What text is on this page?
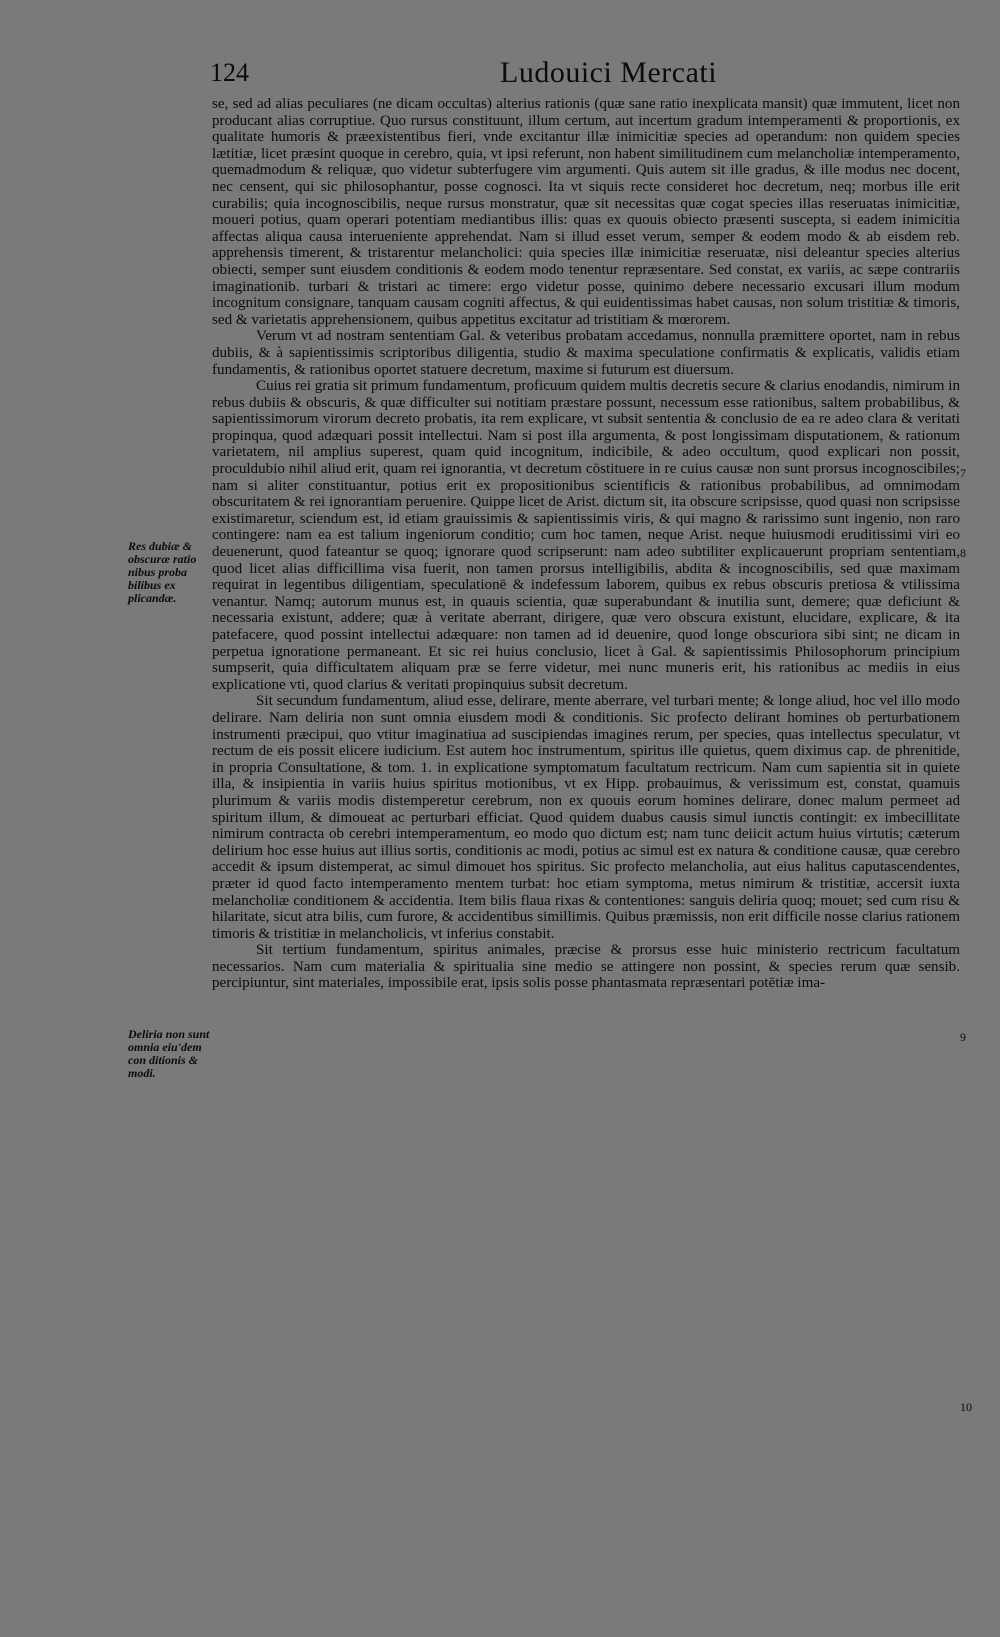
124	Ludouici Mercati

se, sed ad alias peculiares (ne dicam occultas) alterius rationis (quæ sane ratio inexplicata mansit) quæ immutent, licet non producant alias corruptiue. Quo rursus constituunt, illum certum, aut incertum gradum intemperamenti & proportionis, ex qualitate humoris & præexistentibus fieri, vnde excitantur illæ inimicitiæ species ad operandum: non quidem species lætitiæ, licet præsint quoque in cerebro, quia, vt ipsi referunt, non habent similitudinem cum melancholiæ intemperamento, quemadmodum & reliquæ, quo videtur subterfugere vim argumenti. Quis autem sit ille gradus, & ille modus nec docent, nec censent, qui sic philosophantur, posse cognosci. Ita vt siquis recte consideret hoc decretum, neq; morbus ille erit curabilis; quia incognoscibilis, neque rursus monstratur, quæ sit necessitas quæ cogat species illas reseruatas inimicitiæ, moueri potius, quam operari potentiam mediantibus illis: quas ex quouis obiecto præsenti suscepta, si eadem inimicitia affectas aliqua causa interueniente apprehendat. Nam si illud esset verum, semper & eodem modo & ab eisdem reb. apprehensis timerent, & tristarentur melancholici: quia species illæ inimicitiæ reseruatæ, nisi deleantur species alterius obiecti, semper sunt eiusdem conditionis & eodem modo tenentur repræsentare. Sed constat, ex variis, ac sæpe contrariis imaginationib. turbari & tristari ac timere: ergo videtur posse, quinimo debere necessario excusari illum modum incognitum consignare, tanquam causam cogniti affectus, & qui euidentissimas habet causas, non solum tristitiæ & timoris, sed & varietatis apprehensionem, quibus appetitus excitatur ad tristitiam & mœrorem.

Verum vt ad nostram sententiam Gal. & veteribus probatam accedamus, nonnulla præmittere oportet, nam in rebus dubiis, & à sapientissimis scriptoribus diligentia, studio & maxima speculatione confirmatis & explicatis, validis etiam fundamentis, & rationibus oportet statuere decretum, maxime si futurum est diuersum.

Cuius rei gratia sit primum fundamentum, proficuum quidem multis decretis secure & clarius enodandis, nimirum in rebus dubiis & obscuris, & quæ difficulter sui notitiam præstare possunt, necessum esse rationibus, saltem probabilibus, & sapientissimorum virorum decreto probatis, ita rem explicare, vt subsit sententia & conclusio de ea re adeo clara & veritati propinqua, quod adæquari possit intellectui. Nam si post illa argumenta, & post longissimam disputationem, & rationum varietatem, nil amplius superest, quam quid incognitum, indicibile, & adeo occultum, quod explicari non possit, proculdubio nihil aliud erit, quam rei ignorantia, vt decretum cōstituere in re cuius causæ non sunt prorsus incognoscibiles; nam si aliter constituantur, potius erit ex propositionibus scientificis & rationibus probabilibus, ad omnimodam obscuritatem & rei ignorantiam peruenire. Quippe licet de Arist. dictum sit, ita obscure scripsisse, quod quasi non scripsisse existimaretur, sciendum est, id etiam grauissimis & sapientissimis viris, & qui magno & rarissimo sunt ingenio, non raro contingere: nam ea est talium ingeniorum conditio; cum hoc tamen, neque Arist. neque huiusmodi eruditissimi viri eo deuenerunt, quod fateantur se quoq; ignorare quod scripserunt: nam adeo subtiliter explicauerunt propriam sententiam, quod licet alias difficillima visa fuerit, non tamen prorsus intelligibilis, abdita & incognoscibilis, sed quæ maximam requirat in legentibus diligentiam, speculationē & indefessum laborem, quibus ex rebus obscuris pretiosa & vtilissima venantur. Namq; autorum munus est, in quauis scientia, quæ superabundant & inutilia sunt, demere; quæ deficiunt & necessaria existunt, addere; quæ à veritate aberrant, dirigere, quæ vero obscura existunt, elucidare, explicare, & ita patefacere, quod possint intellectui adæquare: non tamen ad id deuenire, quod longe obscuriora sibi sint; ne dicam in perpetua ignoratione permaneant. Et sic rei huius conclusio, licet à Gal. & sapientissimis Philosophorum principium sumpserit, quia difficultatem aliquam præ se ferre videtur, mei nunc muneris erit, his rationibus ac mediis in eius explicatione vti, quod clarius & veritati propinquius subsit decretum.

Sit secundum fundamentum, aliud esse, delirare, mente aberrare, vel turbari mente; & longe aliud, hoc vel illo modo delirare. Nam deliria non sunt omnia eiusdem modi & conditionis. Sic profecto delirant homines ob perturbationem instrumenti præcipui, quo vtitur imaginatiua ad suscipiendas imagines rerum, per species, quas intellectus speculatur, vt rectum de eis possit elicere iudicium. Est autem hoc instrumentum, spiritus ille quietus, quem diximus cap. de phrenitide, in propria Consultatione, & tom. 1. in explicatione symptomatum facultatum rectricum. Nam cum sapientia sit in quiete illa, & insipientia in variis huius spiritus motionibus, vt ex Hipp. probauimus, & verissimum est, constat, quamuis plurimum & variis modis distemperetur cerebrum, non ex quouis eorum homines delirare, donec malum permeet ad spiritum illum, & dimoueat ac perturbari efficiat. Quod quidem duabus causis simul iunctis contingit: ex imbecillitate nimirum contracta ob cerebri intemperamentum, eo modo quo dictum est; nam tunc deiicit actum huius virtutis; cæterum delirium hoc esse huius aut illius sortis, conditionis ac modi, potius ac simul est ex natura & conditione causæ, quæ cerebro accedit & ipsum distemperat, ac simul dimouet hos spiritus. Sic profecto melancholia, aut eius halitus caputascendentes, præter id quod facto intemperamento mentem turbat: hoc etiam symptoma, metus nimirum & tristitiæ, accersit iuxta melancholiæ conditionem & accidentia. Item bilis flaua rixas & contentiones: sanguis deliria quoq; mouet; sed cum risu & hilaritate, sicut atra bilis, cum furore, & accidentibus simillimis. Quibus præmissis, non erit difficile nosse clarius rationem timoris & tristitiæ in melancholicis, vt inferius constabit.

Sit tertium fundamentum, spiritus animales, præcise & prorsus esse huic ministerio rectricum facultatum necessarios. Nam cum materialia & spiritualia sine medio se attingere non possint, & species rerum quæ sensib. percipiuntur, sint materiales, impossibile erat, ipsis solis posse phantasmata repræsentari potētiæ ima-

Res dubiæ & obscuræ ratio nibus proba bilibus ex plicandæ.
Deliria non sunt omnia eiu'dem con ditionis & modi.
7
8
9
10
